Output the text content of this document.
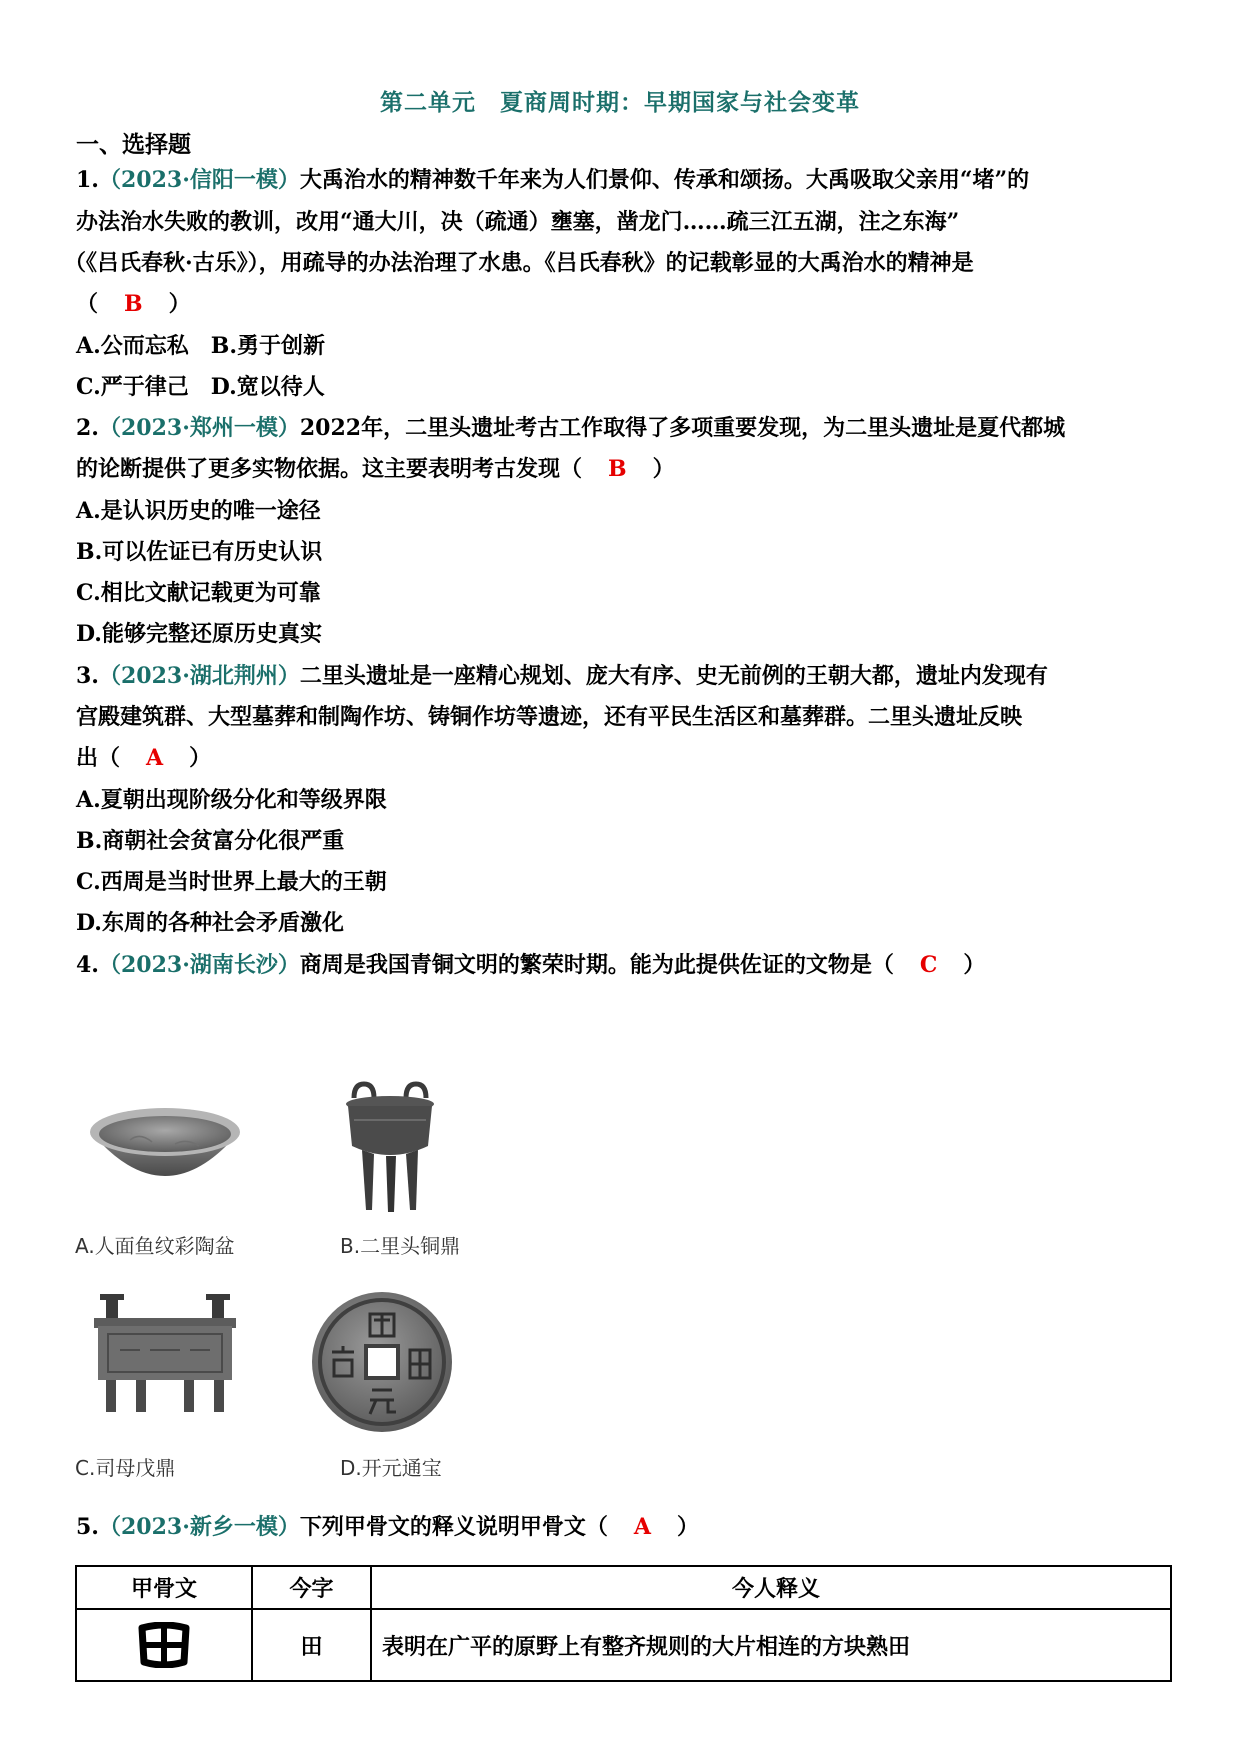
第二单元　夏商周时期：早期国家与社会变革
一、选择题
1.（2023·信阳一模）大禹治水的精神数千年来为人们景仰、传承和颂扬。大禹吸取父亲用“堵”的
办法治水失败的教训，改用“通大川，决（疏通）壅塞，凿龙门……疏三江五湖，注之东海”
（《吕氏春秋·古乐》），用疏导的办法治理了水患。《吕氏春秋》的记载彰显的大禹治水的精神是
（ B ）
A.公而忘私　B.勇于创新
C.严于律己　D.宽以待人
2.（2023·郑州一模）2022年，二里头遗址考古工作取得了多项重要发现，为二里头遗址是夏代都城
的论断提供了更多实物依据。这主要表明考古发现（ B ）
A.是认识历史的唯一途径
B.可以佐证已有历史认识
C.相比文献记载更为可靠
D.能够完整还原历史真实
3.（2023·湖北荆州）二里头遗址是一座精心规划、庞大有序、史无前例的王朝大都，遗址内发现有
宫殿建筑群、大型墓葬和制陶作坊、铸铜作坊等遗迹，还有平民生活区和墓葬群。二里头遗址反映
出（ A ）
A.夏朝出现阶级分化和等级界限
B.商朝社会贫富分化很严重
C.西周是当时世界上最大的王朝
D.东周的各种社会矛盾激化
4.（2023·湖南长沙）商周是我国青铜文明的繁荣时期。能为此提供佐证的文物是（ C ）
A.人面鱼纹彩陶盆	B.二里头铜鼎
C.司母戊鼎	D.开元通宝
5.（2023·新乡一模）下列甲骨文的释义说明甲骨文（ A ）
甲骨文	今字	今人释义
	田	表明在广平的原野上有整齐规则的大片相连的方块熟田
